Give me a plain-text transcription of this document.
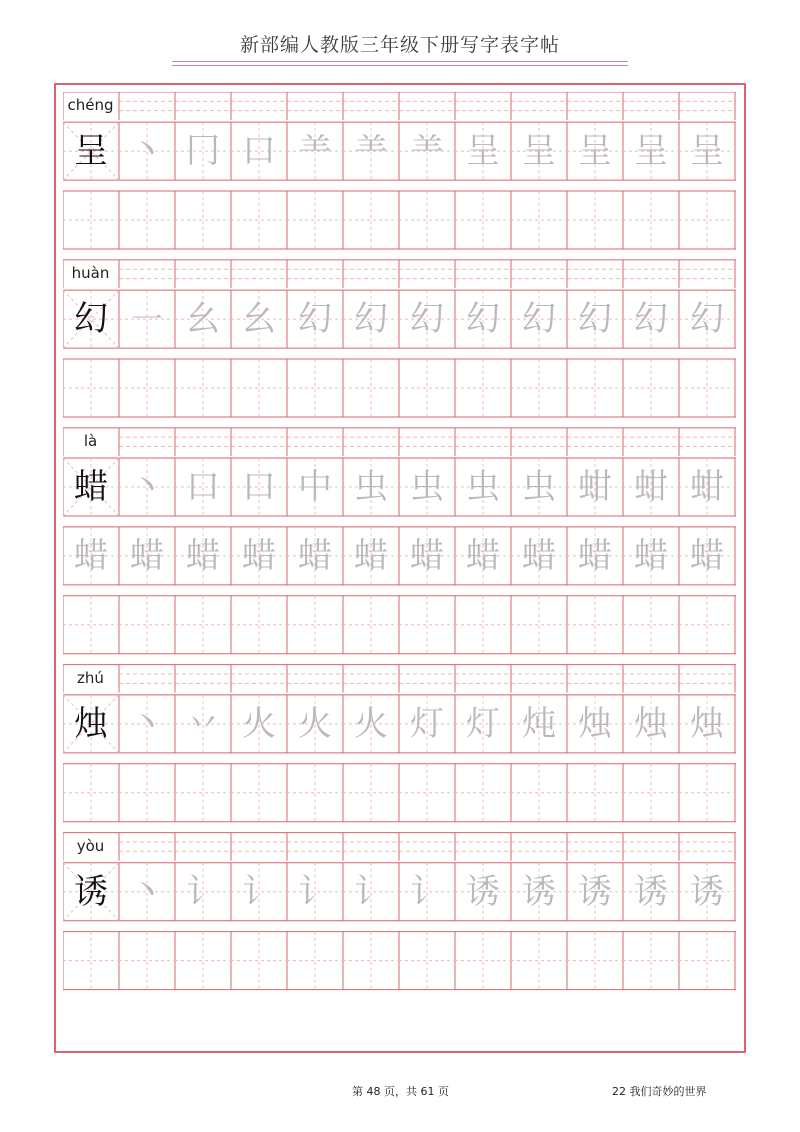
新部编人教版三年级下册写字表字帖
chéng
呈 丶 冂 口 ⺷ ⺷ ⺷ 呈 呈 呈 呈 呈
huàn
幻 ㇐ 幺 幺 幻 幻 幻 幻 幻 幻 幻 幻
là
蜡 丶 口 口 中 虫 虫 虫 虫 蚶 蚶 蚶
蜡 蜡 蜡 蜡 蜡 蜡 蜡 蜡 蜡 蜡 蜡 蜡
zhú
烛 丶 丷 火 火 火 灯 灯 炖 烛 烛 烛
yòu
诱 丶 讠 讠 讠 讠 讠 诱 诱 诱 诱 诱
第 48 页，共 61 页	22 我们奇妙的世界
